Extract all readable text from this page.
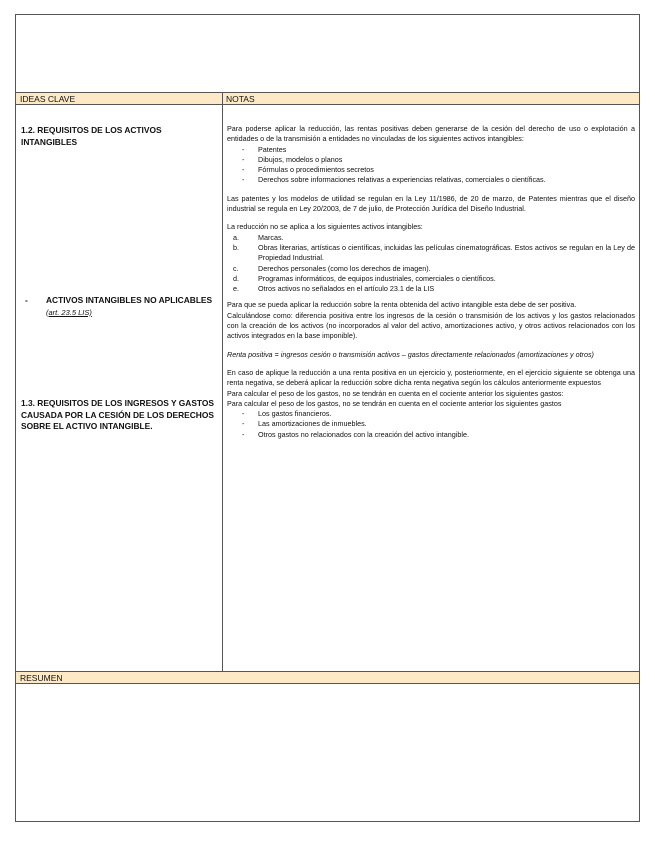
IDEAS CLAVE	NOTAS
1.2. REQUISITOS DE LOS ACTIVOS INTANGIBLES
-	ACTIVOS INTANGIBLES NO APLICABLES (art. 23.5 LIS)
1.3. REQUISITOS DE LOS INGRESOS Y GASTOS CAUSADA POR LA CESIÓN DE LOS DERECHOS SOBRE EL ACTIVO INTANGIBLE.

Para poderse aplicar la reducción, las rentas positivas deben generarse de la cesión del derecho de uso o explotación a entidades o de la transmisión a entidades no vinculadas de los siguientes activos intangibles:

- Patentes
- Dibujos, modelos o planos
- Fórmulas o procedimientos secretos
- Derechos sobre informaciones relativas a experiencias relativas, comerciales o científicas.

Las patentes y los modelos de utilidad se regulan en la Ley 11/1986, de 20 de marzo, de Patentes mientras que el diseño industrial se regula en Ley 20/2003, de 7 de julio, de Protección Jurídica del Diseño Industrial.

La reducción no se aplica a los siguientes activos intangibles:

a.	Marcas.
b.	Obras literarias, artísticas o científicas, incluidas las películas cinematográficas. Estos activos se regulan en la Ley de Propiedad Industrial.
c.	Derechos personales (como los derechos de imagen).
d.	Programas informáticos, de equipos industriales, comerciales o científicos.
e.	Otros activos no señalados en el artículo 23.1 de la LIS

Para que se pueda aplicar la reducción sobre la renta obtenida del activo intangible esta debe de ser positiva.

Calculándose como: diferencia positiva entre los ingresos de la cesión o transmisión de los activos y los gastos relacionados con la creación de los activos (no incorporados al valor del activo, amortizaciones activo, y otros activos relacionados con los activos integrados en la base imponible).

Renta positiva = ingresos cesión o transmisión activos – gastos directamente relacionados (amortizaciones y otros)

En caso de aplique la reducción a una renta positiva en un ejercicio y, posteriormente, en el ejercicio siguiente se obtenga una renta negativa, se deberá aplicar la reducción sobre dicha renta negativa según los cálculos anteriormente expuestos

Para calcular el peso de los gastos, no se tendrán en cuenta en el cociente anterior los siguientes gastos:

Para calcular el peso de los gastos, no se tendrán en cuenta en el cociente anterior los siguientes gastos

- Los gastos financieros.
- Las amortizaciones de inmuebles.
- Otros gastos no relacionados con la creación del activo intangible.
RESUMEN
